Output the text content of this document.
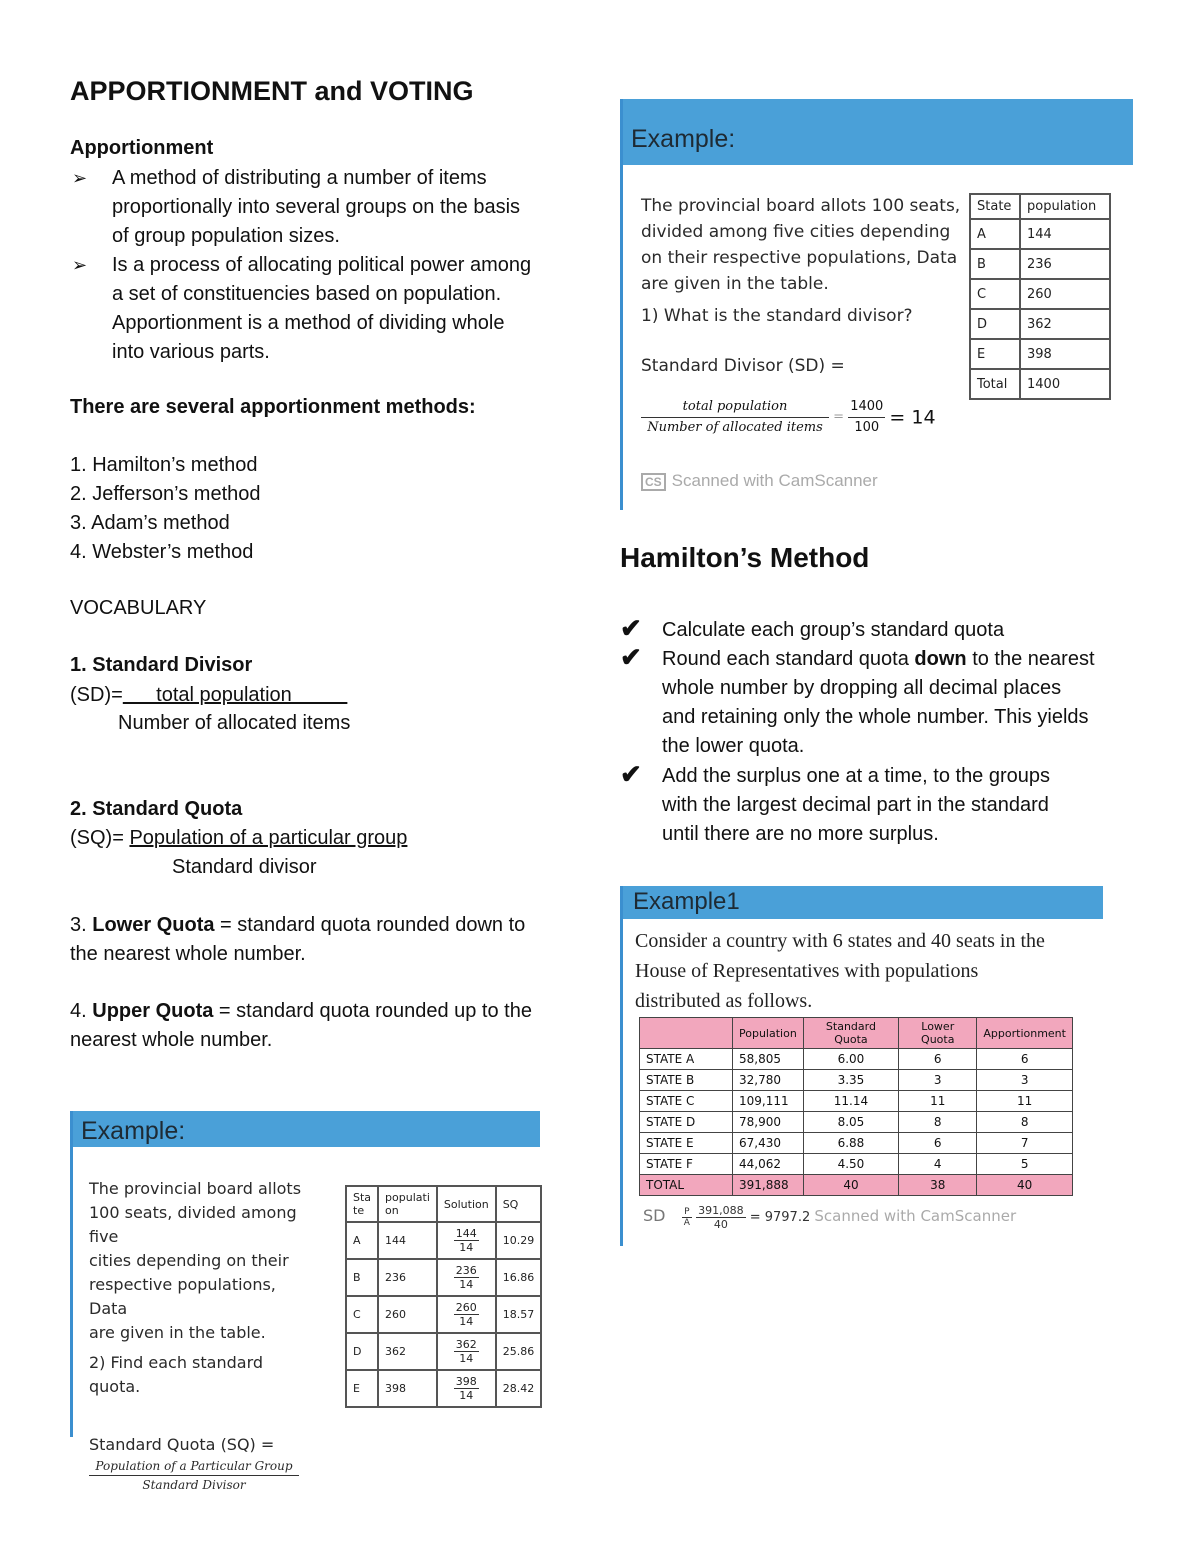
APPORTIONMENT and VOTING
Apportionment
➢ A method of distributing a number of items
proportionally into several groups on the basis
of group population sizes.
➢ Is a process of allocating political power among
a set of constituencies based on population.
Apportionment is a method of dividing whole
into various parts.
There are several apportionment methods:
1. Hamilton’s method
2. Jefferson’s method
3. Adam’s method
4. Webster’s method
VOCABULARY
1. Standard Divisor
(SD)=      total population
Number of allocated items
2. Standard Quota
(SQ)= Population of a particular group
Standard divisor
3. Lower Quota = standard quota rounded down to
the nearest whole number.
4. Upper Quota = standard quota rounded up to the
nearest whole number.
Example:
The provincial board allots
100 seats, divided among five
cities depending on their
respective populations, Data
are given in the table.
2) Find each standard quota.
Standard Quota (SQ) =
Population of a Particular Group
Standard Divisor
Sta te	populati on	Solution	SQ
A	144	$\frac{144}{14}$	10.29
B	236	$\frac{236}{14}$	16.86
C	260	$\frac{260}{14}$	18.57
D	362	$\frac{362}{14}$	25.86
E	398	$\frac{398}{14}$	28.42
Example:
The provincial board allots 100 seats,
divided among five cities depending
on their respective populations, Data
are given in the table.
1) What is the standard divisor?
Standard Divisor (SD) =
total population
Number of allocated items
= $\frac{1400}{100} = 14$
CS Scanned with CamScanner
State	population
A	144
B	236
C	260
D	362
E	398
Total	1400
Hamilton’s Method
✔ Calculate each group’s standard quota
✔ Round each standard quota down to the nearest
whole number by dropping all decimal places
and retaining only the whole number. This yields
the lower quota.
✔ Add the surplus one at a time, to the groups
with the largest decimal part in the standard
until there are no more surplus.
Example1
Consider a country with 6 states and 40 seats in the
House of Representatives with populations
distributed as follows.
	Population	Standard Quota	Lower Quota	Apportionment
STATE A	58,805	6.00	6	6
STATE B	32,780	3.35	3	3
STATE C	109,111	11.14	11	11
STATE D	78,900	8.05	8	8
STATE E	67,430	6.88	6	7
STATE F	44,062	4.50	4	5
TOTAL	391,888	40	38	40
SD $\frac{P}{A}$
$\frac{391,088}{40} = 9797.2$ Scanned with CamScanner
